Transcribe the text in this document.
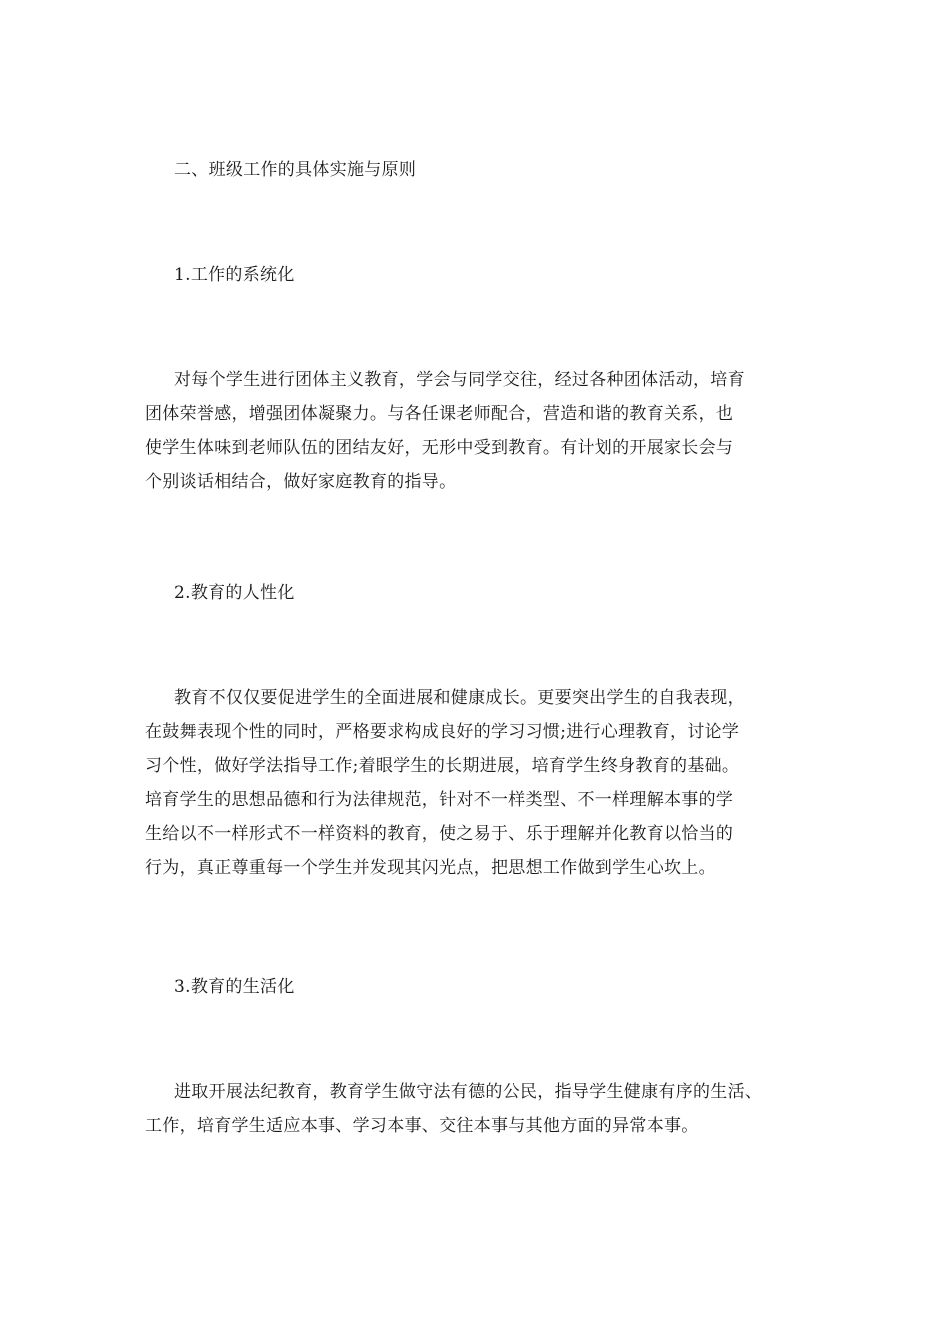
二、班级工作的具体实施与原则
1.工作的系统化
对每个学生进行团体主义教育，学会与同学交往，经过各种团体活动，培育
团体荣誉感，增强团体凝聚力。与各任课老师配合，营造和谐的教育关系，也
使学生体味到老师队伍的团结友好，无形中受到教育。有计划的开展家长会与
个别谈话相结合，做好家庭教育的指导。
2.教育的人性化
教育不仅仅要促进学生的全面进展和健康成长。更要突出学生的自我表现，
在鼓舞表现个性的同时，严格要求构成良好的学习习惯;进行心理教育，讨论学
习个性，做好学法指导工作;着眼学生的长期进展，培育学生终身教育的基础。
培育学生的思想品德和行为法律规范，针对不一样类型、不一样理解本事的学
生给以不一样形式不一样资料的教育，使之易于、乐于理解并化教育以恰当的
行为，真正尊重每一个学生并发现其闪光点，把思想工作做到学生心坎上。
3.教育的生活化
进取开展法纪教育，教育学生做守法有德的公民，指导学生健康有序的生活、
工作，培育学生适应本事、学习本事、交往本事与其他方面的异常本事。
